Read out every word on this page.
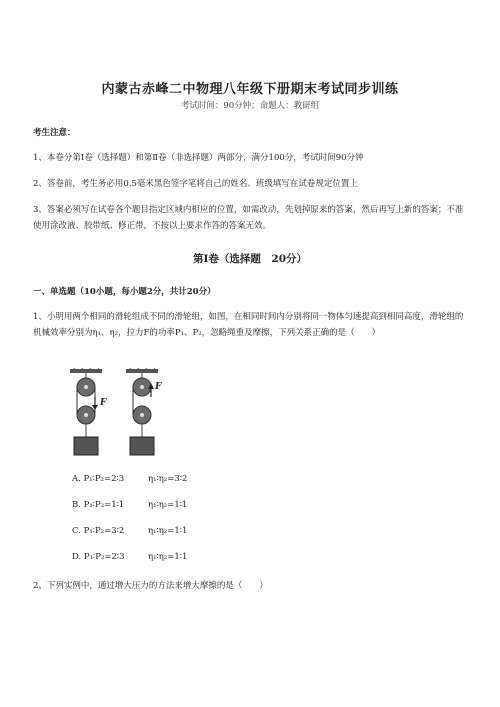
内蒙古赤峰二中物理八年级下册期末考试同步训练
考试时间：90分钟；命题人：教研组
考生注意：
1、本卷分第Ⅰ卷（选择题）和第Ⅱ卷（非选择题）两部分，满分100分，考试时间90分钟
2、答卷前，考生务必用0.5毫米黑色签字笔将自己的姓名、班级填写在试卷规定位置上
3、答案必须写在试卷各个题目指定区域内相应的位置，如需改动，先划掉原来的答案，然后再写上新的答案；不准使用涂改液、胶带纸、修正带，不按以上要求作答的答案无效。
第Ⅰ卷（选择题　20分）
一、单选题（10小题，每小题2分，共计20分）
1、小明用两个相同的滑轮组成不同的滑轮组，如图，在相同时间内分别将同一物体匀速提高到相同高度，滑轮组的机械效率分别为η₁、η₂，拉力F的功率P₁、P₂，忽略绳重及摩擦，下列关系正确的是（　　）
F
F
A. P₁∶P₂=2∶3	η₁∶η₂=3∶2
B. P₁∶P₂=1∶1	η₁∶η₂=1∶1
C. P₁∶P₂=3∶2	η₁∶η₂=1∶1
D. P₁∶P₂=2∶3	η₁∶η₂=1∶1
2、下列实例中，通过增大压力的方法来增大摩擦的是（　　）
